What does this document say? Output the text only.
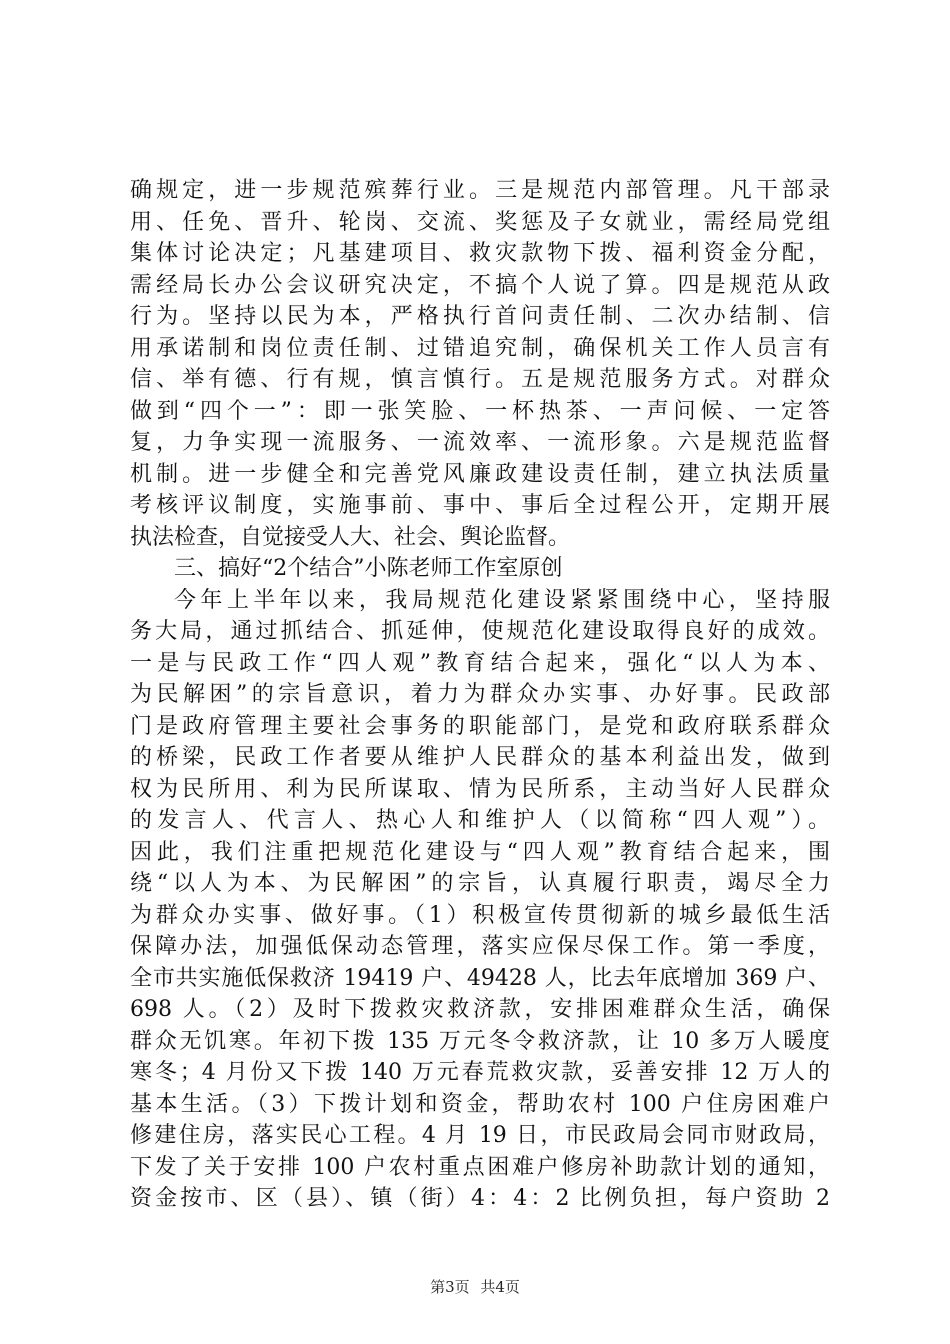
确规定，进一步规范殡葬行业。三是规范内部管理。凡干部录
用、任免、晋升、轮岗、交流、奖惩及子女就业，需经局党组
集体讨论决定；凡基建项目、救灾款物下拨、福利资金分配，
需经局长办公会议研究决定，不搞个人说了算。四是规范从政
行为。坚持以民为本，严格执行首问责任制、二次办结制、信
用承诺制和岗位责任制、过错追究制，确保机关工作人员言有
信、举有德、行有规，慎言慎行。五是规范服务方式。对群众
做到“四个一”：即一张笑脸、一杯热茶、一声问候、一定答
复，力争实现一流服务、一流效率、一流形象。六是规范监督
机制。进一步健全和完善党风廉政建设责任制，建立执法质量
考核评议制度，实施事前、事中、事后全过程公开，定期开展
执法检查，自觉接受人大、社会、舆论监督。
三、搞好“2个结合”小陈老师工作室原创
今年上半年以来，我局规范化建设紧紧围绕中心，坚持服
务大局，通过抓结合、抓延伸，使规范化建设取得良好的成效。
一是与民政工作“四人观”教育结合起来，强化“以人为本、
为民解困”的宗旨意识，着力为群众办实事、办好事。民政部
门是政府管理主要社会事务的职能部门，是党和政府联系群众
的桥梁，民政工作者要从维护人民群众的基本利益出发，做到
权为民所用、利为民所谋取、情为民所系，主动当好人民群众
的发言人、代言人、热心人和维护人（以简称“四人观”）。
因此，我们注重把规范化建设与“四人观”教育结合起来，围
绕“以人为本、为民解困”的宗旨，认真履行职责，竭尽全力
为群众办实事、做好事。（1）积极宣传贯彻新的城乡最低生活
保障办法，加强低保动态管理，落实应保尽保工作。第一季度，
全市共实施低保救济 19419 户、49428 人，比去年底增加 369 户、
698 人。（2）及时下拨救灾救济款，安排困难群众生活，确保
群众无饥寒。年初下拨 135 万元冬令救济款，让 10 多万人暖度
寒冬；4 月份又下拨 140 万元春荒救灾款，妥善安排 12 万人的
基本生活。（3）下拨计划和资金，帮助农村 100 户住房困难户
修建住房，落实民心工程。4 月 19 日，市民政局会同市财政局，
下发了关于安排 100 户农村重点困难户修房补助款计划的通知，
资金按市、区（县）、镇（街）4：4：2 比例负担，每户资助 2
第3页 共4页
